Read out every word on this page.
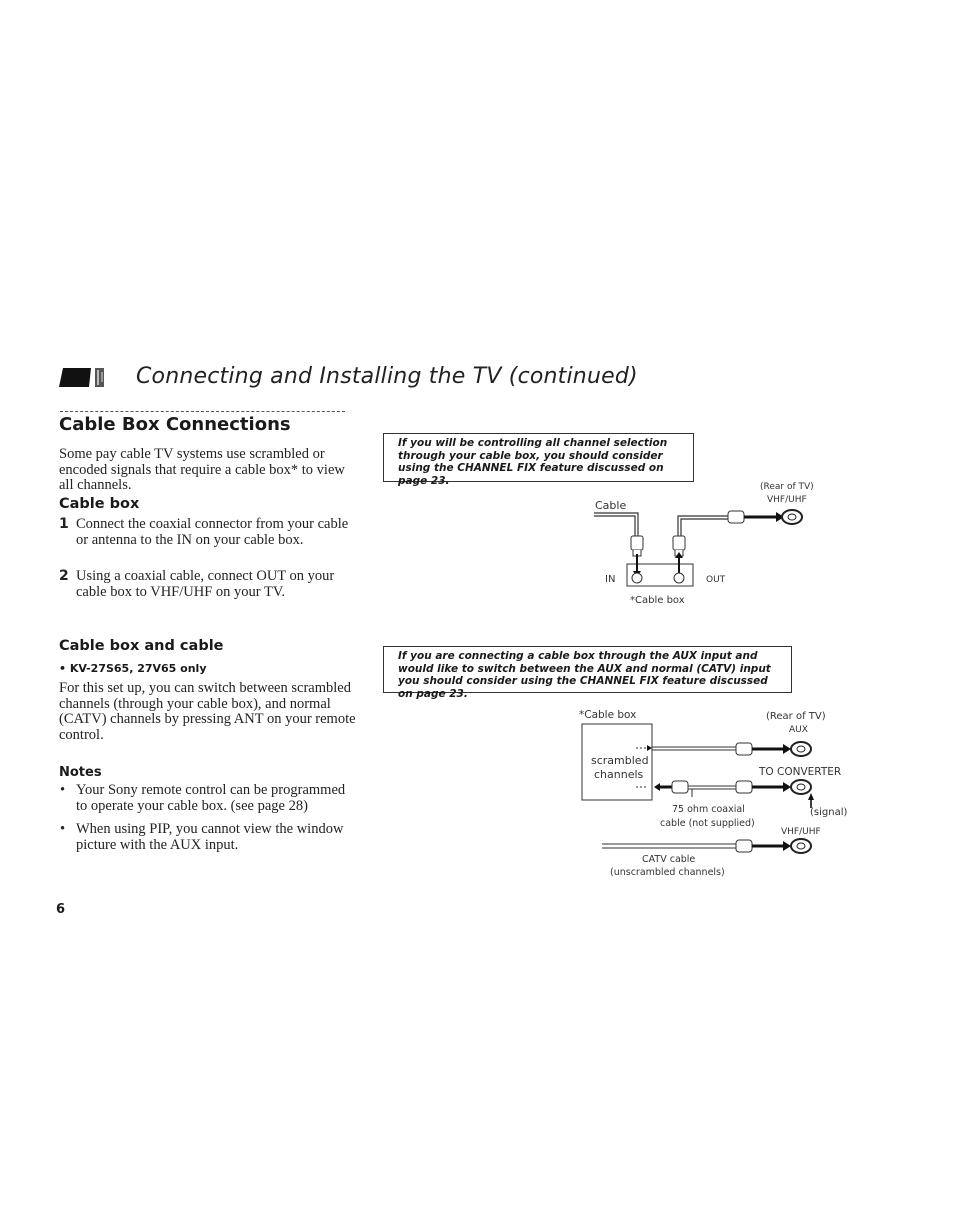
Connecting and Installing the TV (continued)
Cable Box Connections
Some pay cable TV systems use scrambled or encoded signals that require a cable box* to view all channels.
Cable box
1 Connect the coaxial connector from your cable or antenna to the IN on your cable box.
2 Using a coaxial cable, connect OUT on your cable box to VHF/UHF on your TV.
Cable box and cable
• KV-27S65, 27V65 only
For this set up, you can switch between scrambled channels (through your cable box), and normal (CATV) channels by pressing ANT on your remote control.
Notes
• Your Sony remote control can be programmed to operate your cable box. (see page 28)
• When using PIP, you cannot view the window picture with the AUX input.
6
If you will be controlling all channel selection through your cable box, you should consider using the CHANNEL FIX feature discussed on page 23.
If you are connecting a cable box through the AUX input and would like to switch between the AUX and normal (CATV) input you should consider using the CHANNEL FIX feature discussed on page 23.
Cable
(Rear of TV)
VHF/UHF
IN	OUT
*Cable box
*Cable box	(Rear of TV)
AUX
scrambled
channels	TO CONVERTER
75 ohm coaxial
cable (not supplied)
(signal)
VHF/UHF
CATV cable
(unscrambled channels)
